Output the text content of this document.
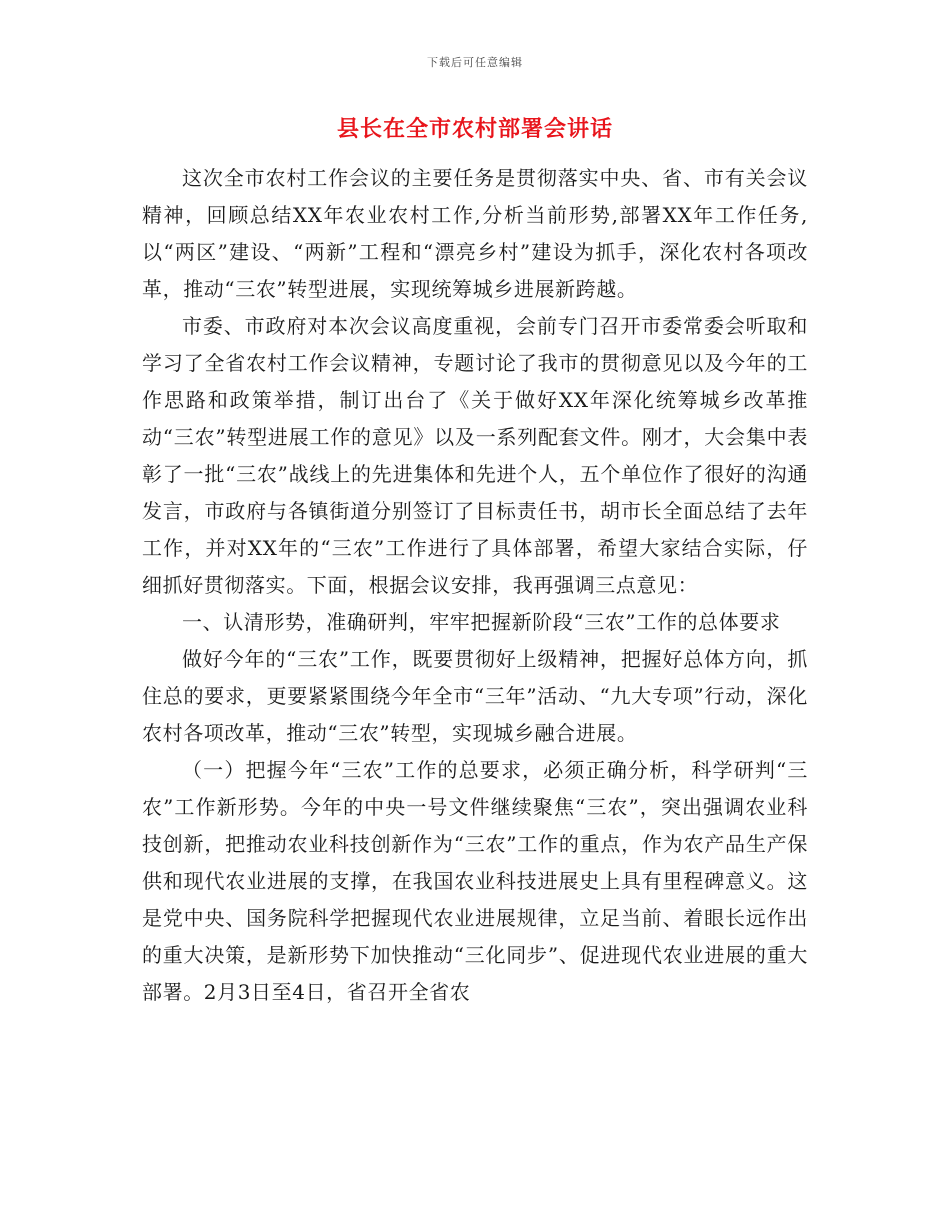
下载后可任意编辑
县长在全市农村部署会讲话

这次全市农村工作会议的主要任务是贯彻落实中央、省、市有关会议精神，回顾总结XX年农业农村工作,分析当前形势,部署XX年工作任务,以“两区”建设、“两新”工程和“漂亮乡村”建设为抓手，深化农村各项改革，推动“三农”转型进展，实现统筹城乡进展新跨越。

市委、市政府对本次会议高度重视，会前专门召开市委常委会听取和学习了全省农村工作会议精神，专题讨论了我市的贯彻意见以及今年的工作思路和政策举措，制订出台了《关于做好XX年深化统筹城乡改革推动“三农”转型进展工作的意见》以及一系列配套文件。刚才，大会集中表彰了一批“三农”战线上的先进集体和先进个人，五个单位作了很好的沟通发言，市政府与各镇街道分别签订了目标责任书，胡市长全面总结了去年工作，并对XX年的“三农”工作进行了具体部署，希望大家结合实际，仔细抓好贯彻落实。下面，根据会议安排，我再强调三点意见：

一、认清形势，准确研判，牢牢把握新阶段“三农”工作的总体要求

做好今年的“三农”工作，既要贯彻好上级精神，把握好总体方向，抓住总的要求，更要紧紧围绕今年全市“三年”活动、“九大专项”行动，深化农村各项改革，推动“三农”转型，实现城乡融合进展。

（一）把握今年“三农”工作的总要求，必须正确分析，科学研判“三农”工作新形势。今年的中央一号文件继续聚焦“三农”，突出强调农业科技创新，把推动农业科技创新作为“三农”工作的重点，作为农产品生产保供和现代农业进展的支撑，在我国农业科技进展史上具有里程碑意义。这是党中央、国务院科学把握现代农业进展规律，立足当前、着眼长远作出的重大决策，是新形势下加快推动“三化同步”、促进现代农业进展的重大部署。2月3日至4日，省召开全省农
